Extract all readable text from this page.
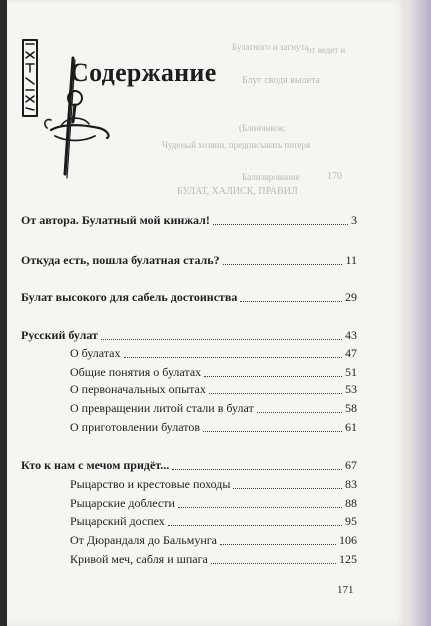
Булатного и загнута
от ведет и
Блуг сводя вылета
(Блинчиков;
Чуденый хозяин, предписывать потеря
Бализирование	170
БУЛАТ, ХАЛИСК, ПРАВИЛ
Содержание
От автора. Булатный мой кинжал!	3
Откуда есть, пошла булатная сталь?	11
Булат высокого для сабель достоинства	29
Русский булат	43
О булатах	47
Общие понятия о булатах	51
О первоначальных опытах	53
О превращении литой стали в булат	58
О приготовлении булатов	61
Кто к нам с мечом придёт...	67
Рыцарство и крестовые походы	83
Рыцарские доблести	88
Рыцарский доспех	95
От Дюрандаля до Бальмунга	106
Кривой меч, сабля и шпага	125
171
